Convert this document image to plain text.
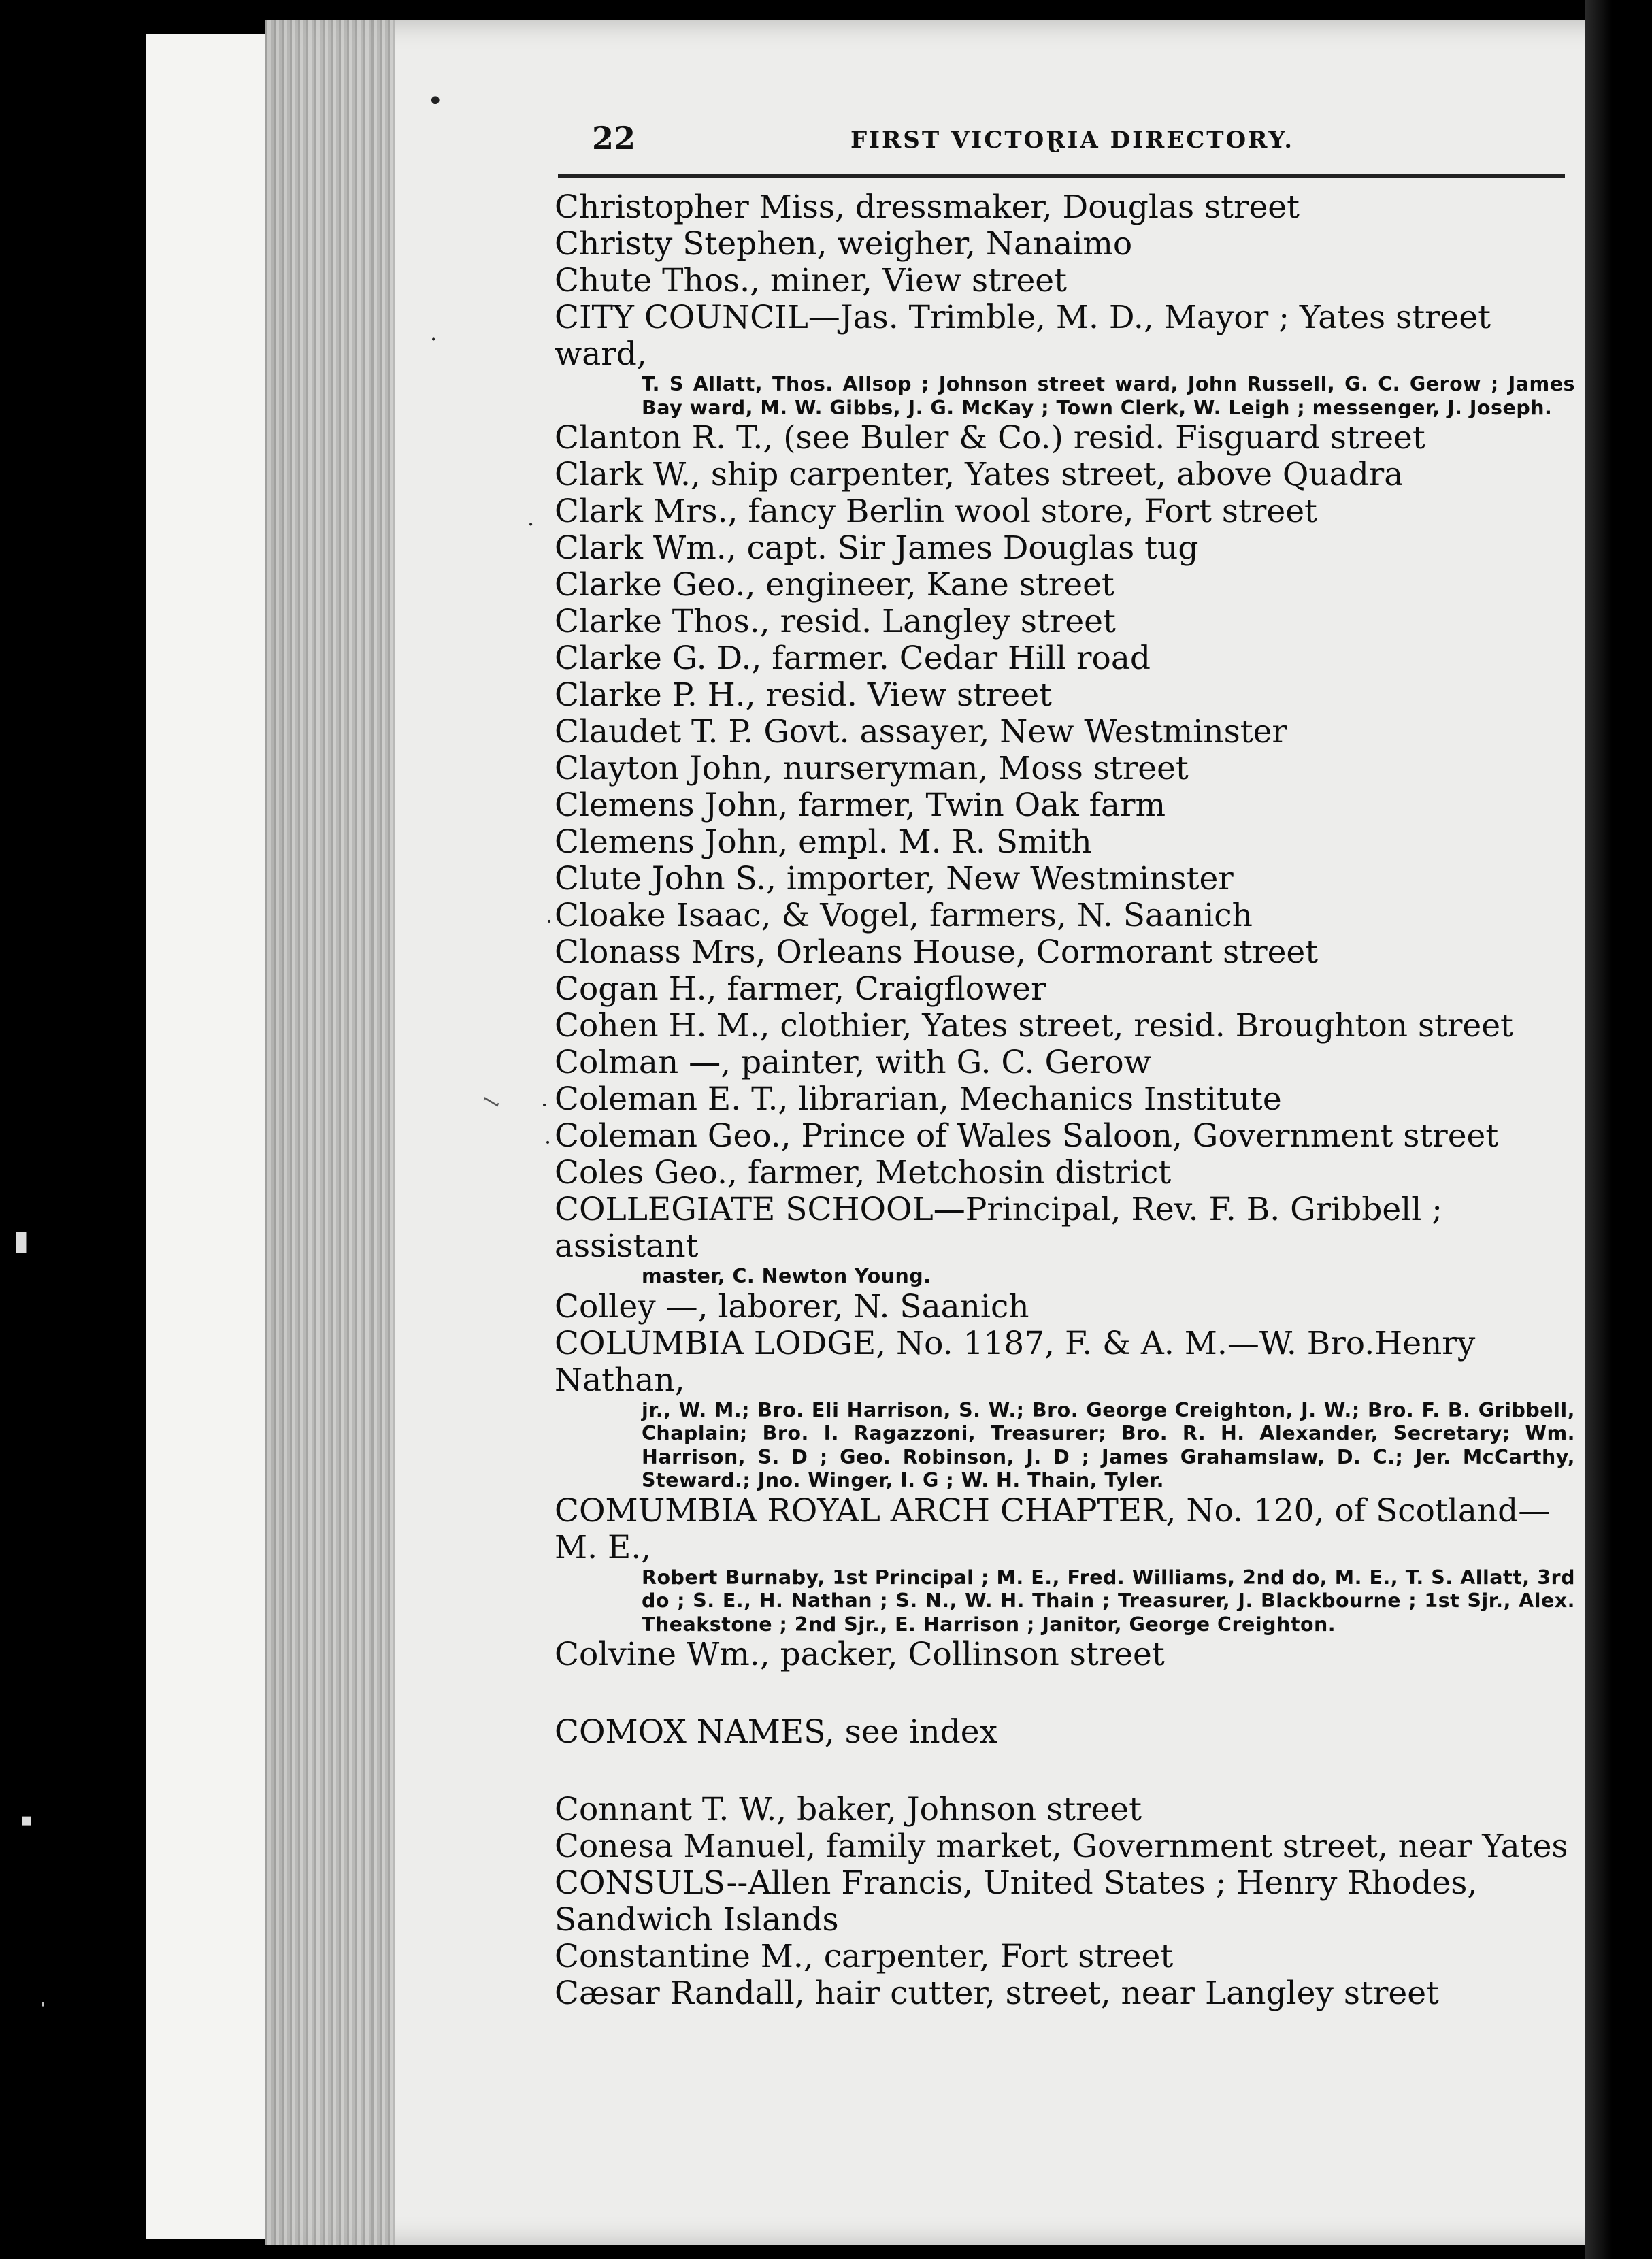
▮
▪
'
•
.
.
·
·
·
ꞁ
22	FIRST VICTOⱤIA DIRECTORY.
Christopher Miss, dressmaker, Douglas street
Christy Stephen, weigher, Nanaimo
Chute Thos., miner, View street
CITY COUNCIL—Jas. Trimble, M. D., Mayor ; Yates street ward,
T. S Allatt, Thos. Allsop ; Johnson street ward, John Russell, G. C. Gerow ; James Bay ward, M. W. Gibbs, J. G. McKay ; Town Clerk, W. Leigh ; messenger, J. Joseph.
Clanton R. T., (see Buler & Co.) resid. Fisguard street
Clark W., ship carpenter, Yates street, above Quadra
Clark Mrs., fancy Berlin wool store, Fort street
Clark Wm., capt. Sir James Douglas tug
Clarke Geo., engineer, Kane street
Clarke Thos., resid. Langley street
Clarke G. D., farmer. Cedar Hill road
Clarke P. H., resid. View street
Claudet T. P. Govt. assayer, New Westminster
Clayton John, nurseryman, Moss street
Clemens John, farmer, Twin Oak farm
Clemens John, empl. M. R. Smith
Clute John S., importer, New Westminster
Cloake Isaac, & Vogel, farmers, N. Saanich
Clonass Mrs, Orleans House, Cormorant street
Cogan H., farmer, Craigflower
Cohen H. M., clothier, Yates street, resid. Broughton street
Colman —, painter, with G. C. Gerow
Coleman E. T., librarian, Mechanics Institute
Coleman Geo., Prince of Wales Saloon, Government street
Coles Geo., farmer, Metchosin district
COLLEGIATE SCHOOL—Principal, Rev. F. B. Gribbell ; assistant
master, C. Newton Young.
Colley —, laborer, N. Saanich
COLUMBIA LODGE, No. 1187, F. & A. M.—W. Bro.Henry Nathan,
jr., W. M.; Bro. Eli Harrison, S. W.; Bro. George Creighton, J. W.; Bro. F. B. Gribbell, Chaplain; Bro. I. Ragazzoni, Treasurer; Bro. R. H. Alexander, Secretary; Wm. Harrison, S. D ; Geo. Robinson, J. D ; James Grahamslaw, D. C.; Jer. McCarthy, Steward.; Jno. Winger, I. G ; W. H. Thain, Tyler.
COMUMBIA ROYAL ARCH CHAPTER, No. 120, of Scotland—M. E.,
Robert Burnaby, 1st Principal ; M. E., Fred. Williams, 2nd do, M. E., T. S. Allatt, 3rd do ; S. E., H. Nathan ; S. N., W. H. Thain ; Treasurer, J. Blackbourne ; 1st Sjr., Alex. Theakstone ; 2nd Sjr., E. Harrison ; Janitor, George Creighton.
Colvine Wm., packer, Collinson street
COMOX NAMES, see index
Connant T. W., baker, Johnson street
Conesa Manuel, family market, Government street, near Yates
CONSULS--Allen Francis, United States ; Henry Rhodes, Sandwich Islands
Constantine M., carpenter, Fort street
Cæsar Randall, hair cutter, street, near Langley street
